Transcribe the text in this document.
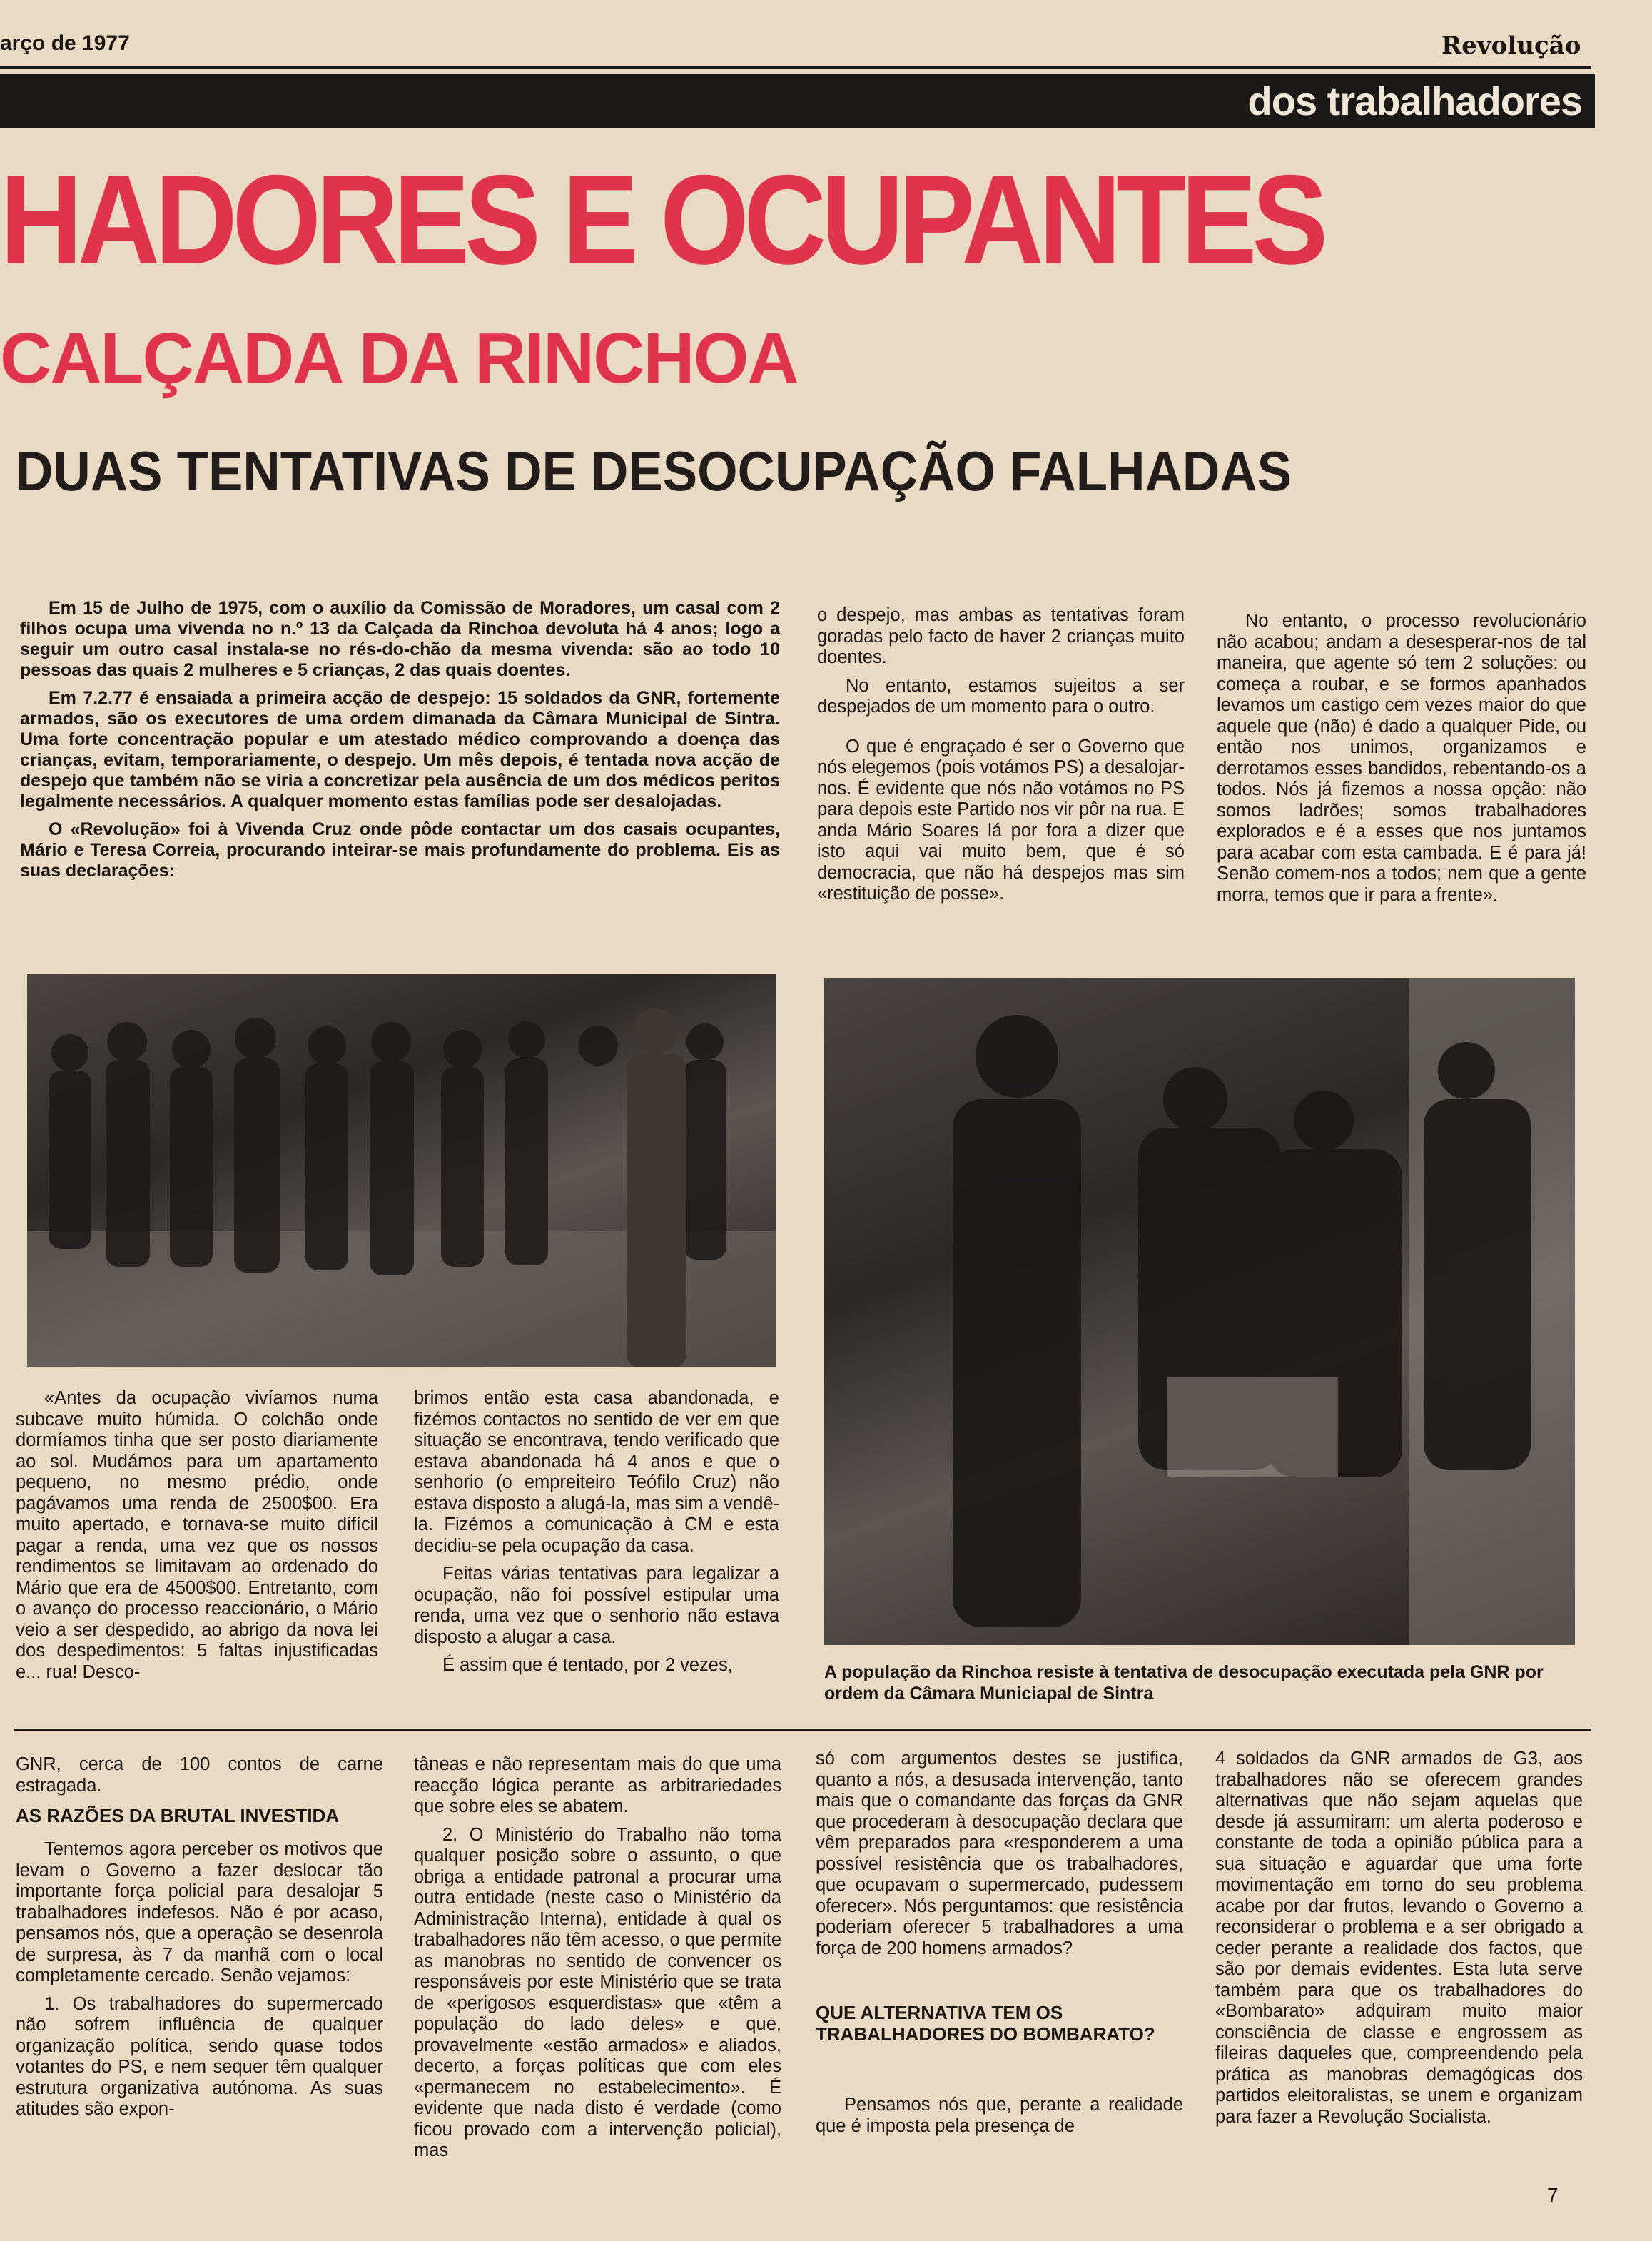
arço de 1977	Revolução
dos trabalhadores
HADORES E OCUPANTES
CALÇADA DA RINCHOA
DUAS TENTATIVAS DE DESOCUPAÇÃO FALHADAS

Em 15 de Julho de 1975, com o auxílio da Comissão de Moradores, um casal com 2 filhos ocupa uma vivenda no n.º 13 da Calçada da Rinchoa devoluta há 4 anos; logo a seguir um outro casal instala-se no rés-do-chão da mesma vivenda: são ao todo 10 pessoas das quais 2 mulheres e 5 crianças, 2 das quais doentes.

Em 7.2.77 é ensaiada a primeira acção de despejo: 15 soldados da GNR, fortemente armados, são os executores de uma ordem dimanada da Câmara Municipal de Sintra. Uma forte concentração popular e um atestado médico comprovando a doença das crianças, evitam, temporariamente, o despejo. Um mês depois, é tentada nova acção de despejo que também não se viria a concretizar pela ausência de um dos médicos peritos legalmente necessários. A qualquer momento estas famílias pode ser desalojadas.

O «Revolução» foi à Vivenda Cruz onde pôde contactar um dos casais ocupantes, Mário e Teresa Correia, procurando inteirar-se mais profundamente do problema. Eis as suas declarações:

o despejo, mas ambas as tentativas foram goradas pelo facto de haver 2 crianças muito doentes.

No entanto, estamos sujeitos a ser despejados de um momento para o outro.

O que é engraçado é ser o Governo que nós elegemos (pois votámos PS) a desalojar-nos. É evidente que nós não votámos no PS para depois este Partido nos vir pôr na rua. E anda Mário Soares lá por fora a dizer que isto aqui vai muito bem, que é só democracia, que não há despejos mas sim «restituição de posse».

No entanto, o processo revolucionário não acabou; andam a desesperar-nos de tal maneira, que agente só tem 2 soluções: ou começa a roubar, e se formos apanhados levamos um castigo cem vezes maior do que aquele que (não) é dado a qualquer Pide, ou então nos unimos, organizamos e derrotamos esses bandidos, rebentando-os a todos. Nós já fizemos a nossa opção: não somos ladrões; somos trabalhadores explorados e é a esses que nos juntamos para acabar com esta cambada. E é para já! Senão comem-nos a todos; nem que a gente morra, temos que ir para a frente».

«Antes da ocupação vivíamos numa subcave muito húmida. O colchão onde dormíamos tinha que ser posto diariamente ao sol. Mudámos para um apartamento pequeno, no mesmo prédio, onde pagávamos uma renda de 2500$00. Era muito apertado, e tornava-se muito difícil pagar a renda, uma vez que os nossos rendimentos se limitavam ao ordenado do Mário que era de 4500$00. Entretanto, com o avanço do processo reaccionário, o Mário veio a ser despedido, ao abrigo da nova lei dos despedimentos: 5 faltas injustificadas e... rua! Desco-

brimos então esta casa abandonada, e fizémos contactos no sentido de ver em que situação se encontrava, tendo verificado que estava abandonada há 4 anos e que o senhorio (o empreiteiro Teófilo Cruz) não estava disposto a alugá-la, mas sim a vendê-la. Fizémos a comunicação à CM e esta decidiu-se pela ocupação da casa.

Feitas várias tentativas para legalizar a ocupação, não foi possível estipular uma renda, uma vez que o senhorio não estava disposto a alugar a casa.

É assim que é tentado, por 2 vezes,	A população da Rinchoa resiste à tentativa de desocupação executada pela GNR por ordem da Câmara Municiapal de Sintra

GNR, cerca de 100 contos de carne estragada.

AS RAZÕES DA BRUTAL INVESTIDA

Tentemos agora perceber os motivos que levam o Governo a fazer deslocar tão importante força policial para desalojar 5 trabalhadores indefesos. Não é por acaso, pensamos nós, que a operação se desenrola de surpresa, às 7 da manhã com o local completamente cercado. Senão vejamos:

1. Os trabalhadores do supermercado não sofrem influência de qualquer organização política, sendo quase todos votantes do PS, e nem sequer têm qualquer estrutura organizativa autónoma. As suas atitudes são expon-

tâneas e não representam mais do que uma reacção lógica perante as arbitrariedades que sobre eles se abatem.

2. O Ministério do Trabalho não toma qualquer posição sobre o assunto, o que obriga a entidade patronal a procurar uma outra entidade (neste caso o Ministério da Administração Interna), entidade à qual os trabalhadores não têm acesso, o que permite as manobras no sentido de convencer os responsáveis por este Ministério que se trata de «perigosos esquerdistas» que «têm a população do lado deles» e que, provavelmente «estão armados» e aliados, decerto, a forças políticas que com eles «permanecem no estabelecimento». É evidente que nada disto é verdade (como ficou provado com a intervenção policial), mas

só com argumentos destes se justifica, quanto a nós, a desusada intervenção, tanto mais que o comandante das forças da GNR que procederam à desocupação declara que vêm preparados para «responderem a uma possível resistência que os trabalhadores, que ocupavam o supermercado, pudessem oferecer». Nós perguntamos: que resistência poderiam oferecer 5 trabalhadores a uma força de 200 homens armados?

QUE ALTERNATIVA TEM OS TRABALHADORES DO BOMBARATO?

Pensamos nós que, perante a realidade que é imposta pela presença de

4 soldados da GNR armados de G3, aos trabalhadores não se oferecem grandes alternativas que não sejam aquelas que desde já assumiram: um alerta poderoso e constante de toda a opinião pública para a sua situação e aguardar que uma forte movimentação em torno do seu problema acabe por dar frutos, levando o Governo a reconsiderar o problema e a ser obrigado a ceder perante a realidade dos factos, que são por demais evidentes. Esta luta serve também para que os trabalhadores do «Bombarato» adquiram muito maior consciência de classe e engrossem as fileiras daqueles que, compreendendo pela prática as manobras demagógicas dos partidos eleitoralistas, se unem e organizam para fazer a Revolução Socialista.

7
